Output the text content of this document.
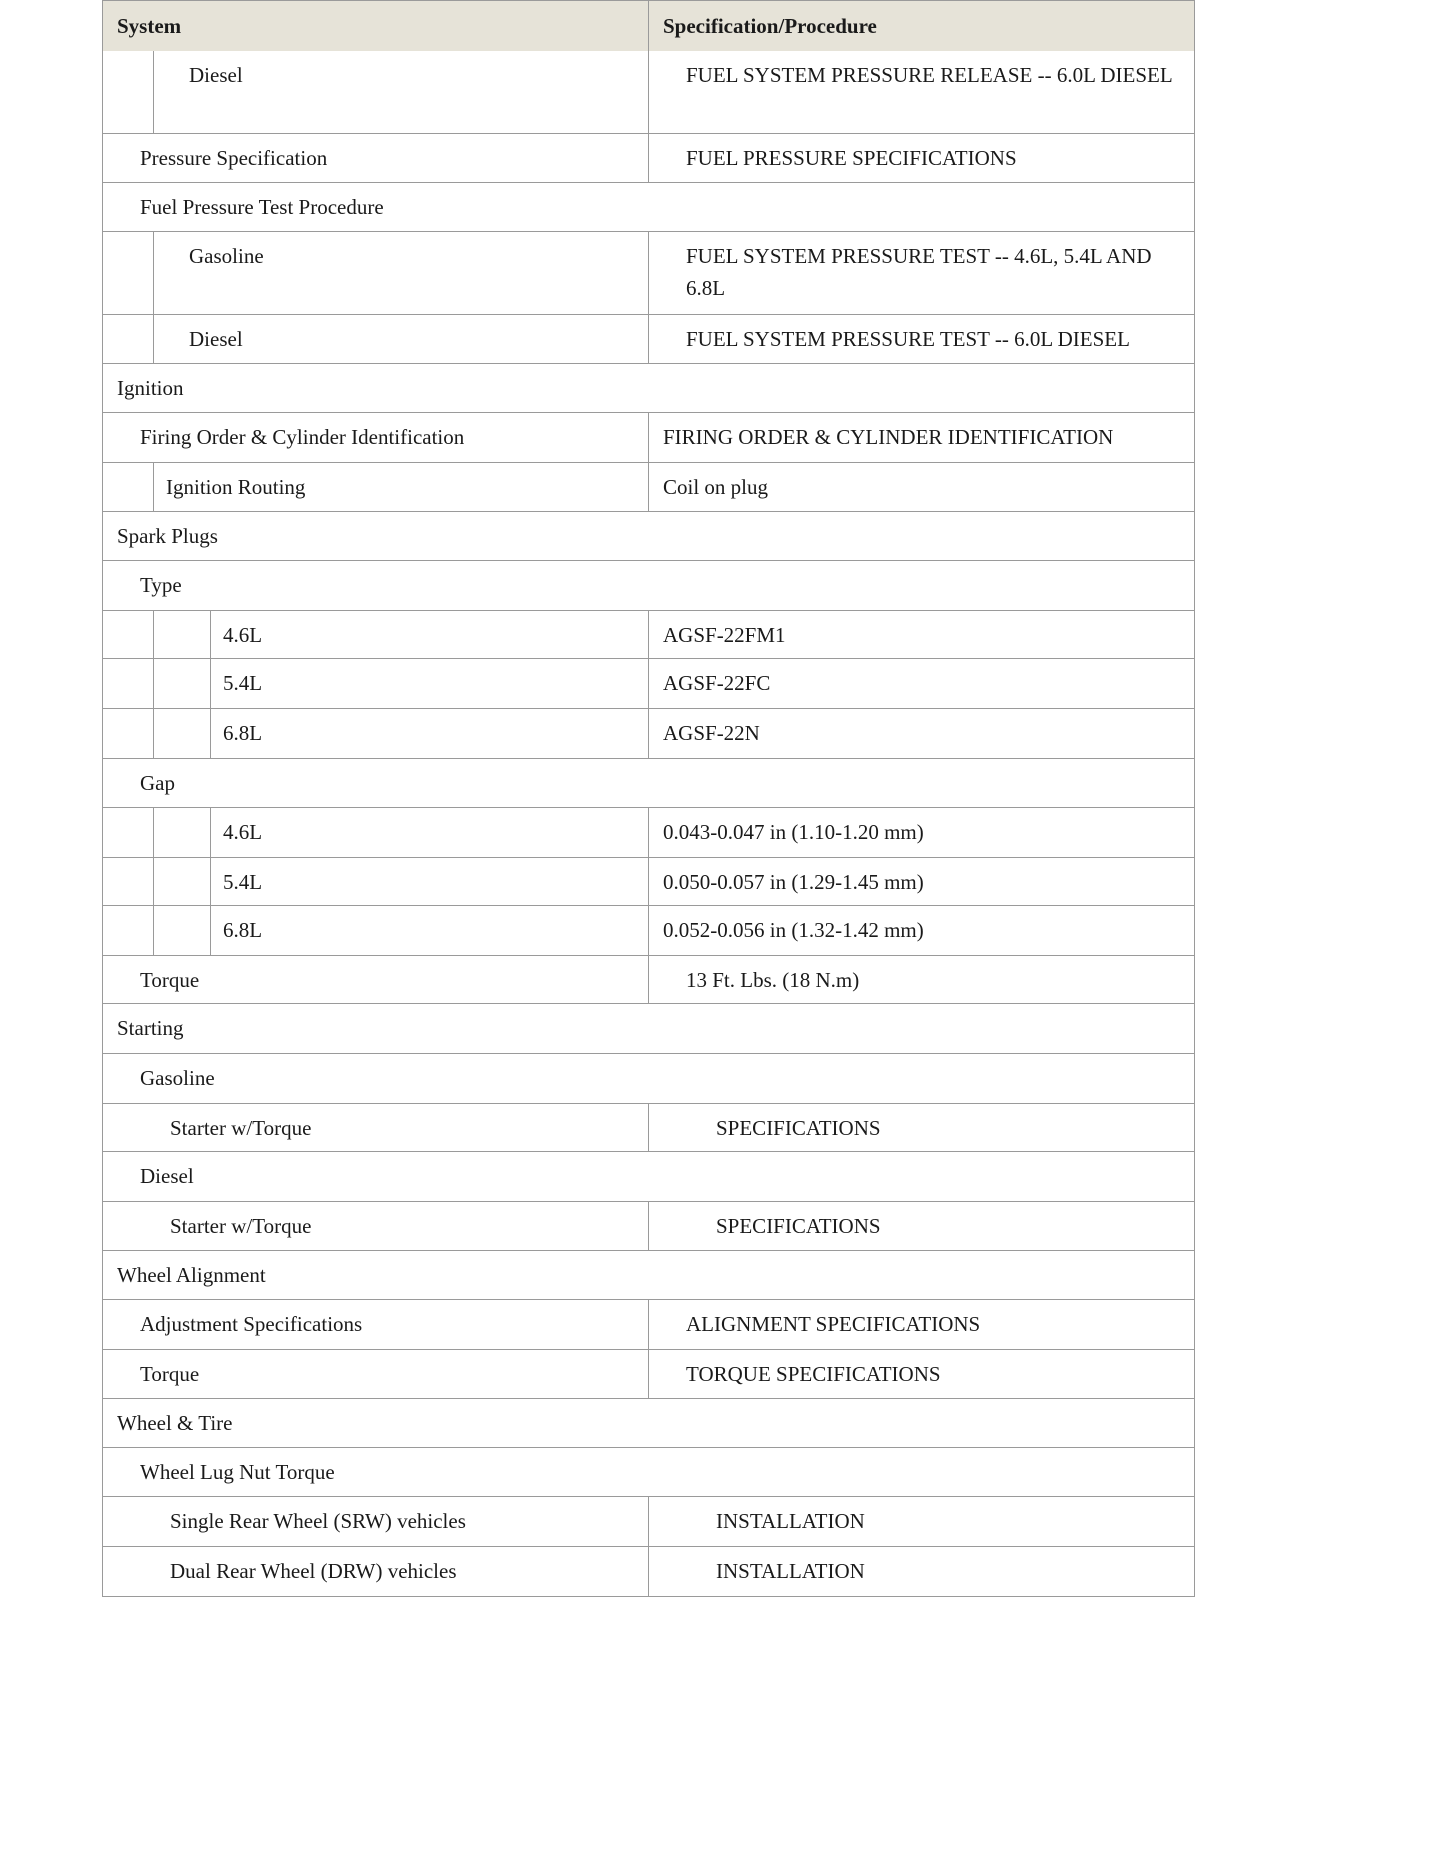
System	Specification/Procedure
Diesel	FUEL SYSTEM PRESSURE RELEASE -- 6.0L DIESEL
Pressure Specification	FUEL PRESSURE SPECIFICATIONS
Fuel Pressure Test Procedure
Gasoline	FUEL SYSTEM PRESSURE TEST -- 4.6L, 5.4L AND 6.8L
Diesel	FUEL SYSTEM PRESSURE TEST -- 6.0L DIESEL
Ignition
Firing Order & Cylinder Identification	FIRING ORDER & CYLINDER IDENTIFICATION
Ignition Routing	Coil on plug
Spark Plugs
Type
4.6L	AGSF-22FM1
5.4L	AGSF-22FC
6.8L	AGSF-22N
Gap
4.6L	0.043-0.047 in (1.10-1.20 mm)
5.4L	0.050-0.057 in (1.29-1.45 mm)
6.8L	0.052-0.056 in (1.32-1.42 mm)
Torque	13 Ft. Lbs. (18 N.m)
Starting
Gasoline
Starter w/Torque	SPECIFICATIONS
Diesel
Starter w/Torque	SPECIFICATIONS
Wheel Alignment
Adjustment Specifications	ALIGNMENT SPECIFICATIONS
Torque	TORQUE SPECIFICATIONS
Wheel & Tire
Wheel Lug Nut Torque
Single Rear Wheel (SRW) vehicles	INSTALLATION
Dual Rear Wheel (DRW) vehicles	INSTALLATION
